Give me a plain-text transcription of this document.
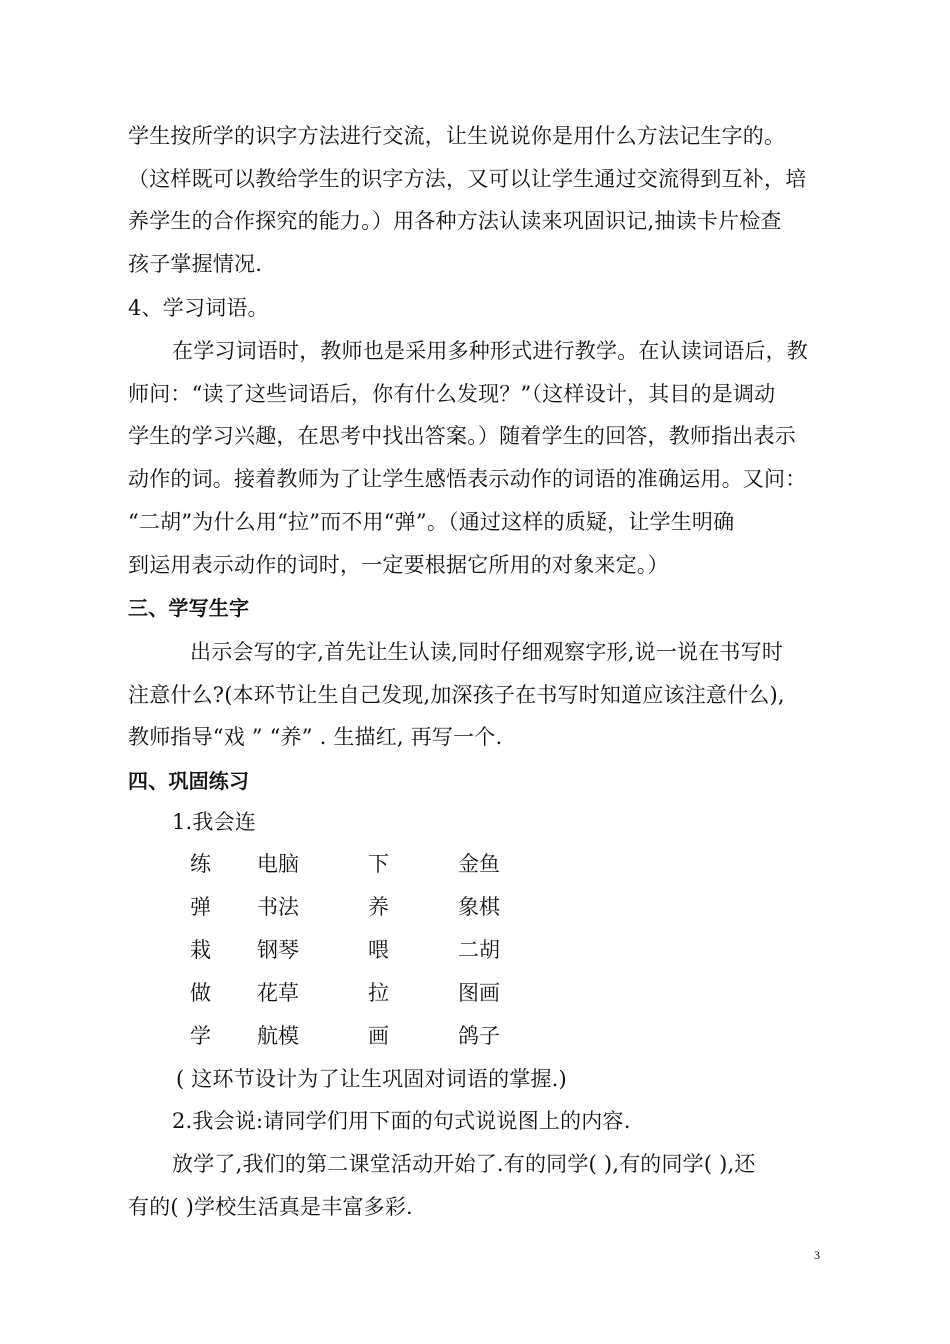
学生按所学的识字方法进行交流，让生说说你是用什么方法记生字的。
（这样既可以教给学生的识字方法，又可以让学生通过交流得到互补，培
养学生的合作探究的能力。）用各种方法认读来巩固识记,抽读卡片检查
孩子掌握情况.
4、学习词语。
在学习词语时，教师也是采用多种形式进行教学。在认读词语后，教
师问：“读了这些词语后，你有什么发现？”（这样设计，其目的是调动
学生的学习兴趣，在思考中找出答案。）随着学生的回答，教师指出表示
动作的词。接着教师为了让学生感悟表示动作的词语的准确运用。又问：
“二胡”为什么用“拉”而不用“弹”。（通过这样的质疑，让学生明确
到运用表示动作的词时，一定要根据它所用的对象来定。）
三、学写生字
出示会写的字,首先让生认读,同时仔细观察字形,说一说在书写时
注意什么?(本环节让生自己发现,加深孩子在书写时知道应该注意什么),
教师指导“戏 ” “养” . 生描红, 再写一个.
四、巩固练习
1.我会连
练 电脑	下	金鱼
弹 书法	养	象棋
栽 钢琴	喂	二胡
做 花草	拉	图画
学 航模	画	鸽子
( 这环节设计为了让生巩固对词语的掌握.)
2.我会说:请同学们用下面的句式说说图上的内容.
放学了,我们的第二课堂活动开始了.有的同学( ),有的同学( ),还
有的( )学校生活真是丰富多彩.
3
